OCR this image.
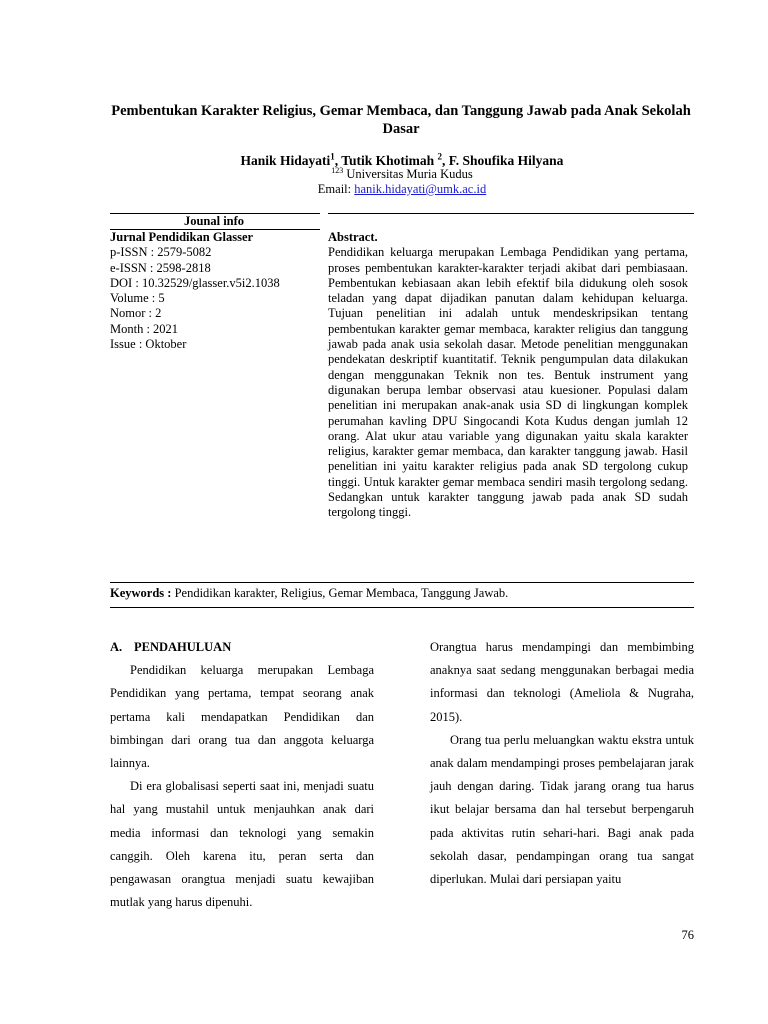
Pembentukan Karakter Religius, Gemar Membaca, dan Tanggung Jawab pada Anak Sekolah Dasar
Hanik Hidayati$^1$, Tutik Khotimah $^2$, F. Shoufika Hilyana
$^{123}$ Universitas Muria Kudus
Email: hanik.hidayati@umk.ac.id
Jounal info
Jurnal Pendidikan Glasser
p-ISSN : 2579-5082
e-ISSN : 2598-2818
DOI : 10.32529/glasser.v5i2.1038
Volume : 5
Nomor : 2
Month : 2021
Issue : Oktober
Abstract.
Pendidikan keluarga merupakan Lembaga Pendidikan yang pertama, proses pembentukan karakter-karakter terjadi akibat dari pembiasaan. Pembentukan kebiasaan akan lebih efektif bila didukung oleh sosok teladan yang dapat dijadikan panutan dalam kehidupan keluarga. Tujuan penelitian ini adalah untuk mendeskripsikan tentang pembentukan karakter gemar membaca, karakter religius dan tanggung jawab pada anak usia sekolah dasar. Metode penelitian menggunakan pendekatan deskriptif kuantitatif. Teknik pengumpulan data dilakukan dengan menggunakan Teknik non tes. Bentuk instrument yang digunakan berupa lembar observasi atau kuesioner. Populasi dalam penelitian ini merupakan anak-anak usia SD di lingkungan komplek perumahan kavling DPU Singocandi Kota Kudus dengan jumlah 12 orang. Alat ukur atau variable yang digunakan yaitu skala karakter religius, karakter gemar membaca, dan karakter tanggung jawab. Hasil penelitian ini yaitu karakter religius pada anak SD tergolong cukup tinggi. Untuk karakter gemar membaca sendiri masih tergolong sedang. Sedangkan untuk karakter tanggung jawab pada anak SD sudah tergolong tinggi.
Keywords : Pendidikan karakter, Religius, Gemar Membaca, Tanggung Jawab.
A. PENDAHULUAN

Pendidikan keluarga merupakan Lembaga Pendidikan yang pertama, tempat seorang anak pertama kali mendapatkan Pendidikan dan bimbingan dari orang tua dan anggota keluarga lainnya.

Di era globalisasi seperti saat ini, menjadi suatu hal yang mustahil untuk menjauhkan anak dari media informasi dan teknologi yang semakin canggih. Oleh karena itu, peran serta dan pengawasan orangtua menjadi suatu kewajiban mutlak yang harus dipenuhi.

Orangtua harus mendampingi dan membimbing anaknya saat sedang menggunakan berbagai media informasi dan teknologi (Ameliola & Nugraha, 2015).

Orang tua perlu meluangkan waktu ekstra untuk anak dalam mendampingi proses pembelajaran jarak jauh dengan daring. Tidak jarang orang tua harus ikut belajar bersama dan hal tersebut berpengaruh pada aktivitas rutin sehari-hari. Bagi anak pada sekolah dasar, pendampingan orang tua sangat diperlukan. Mulai dari persiapan yaitu

76
